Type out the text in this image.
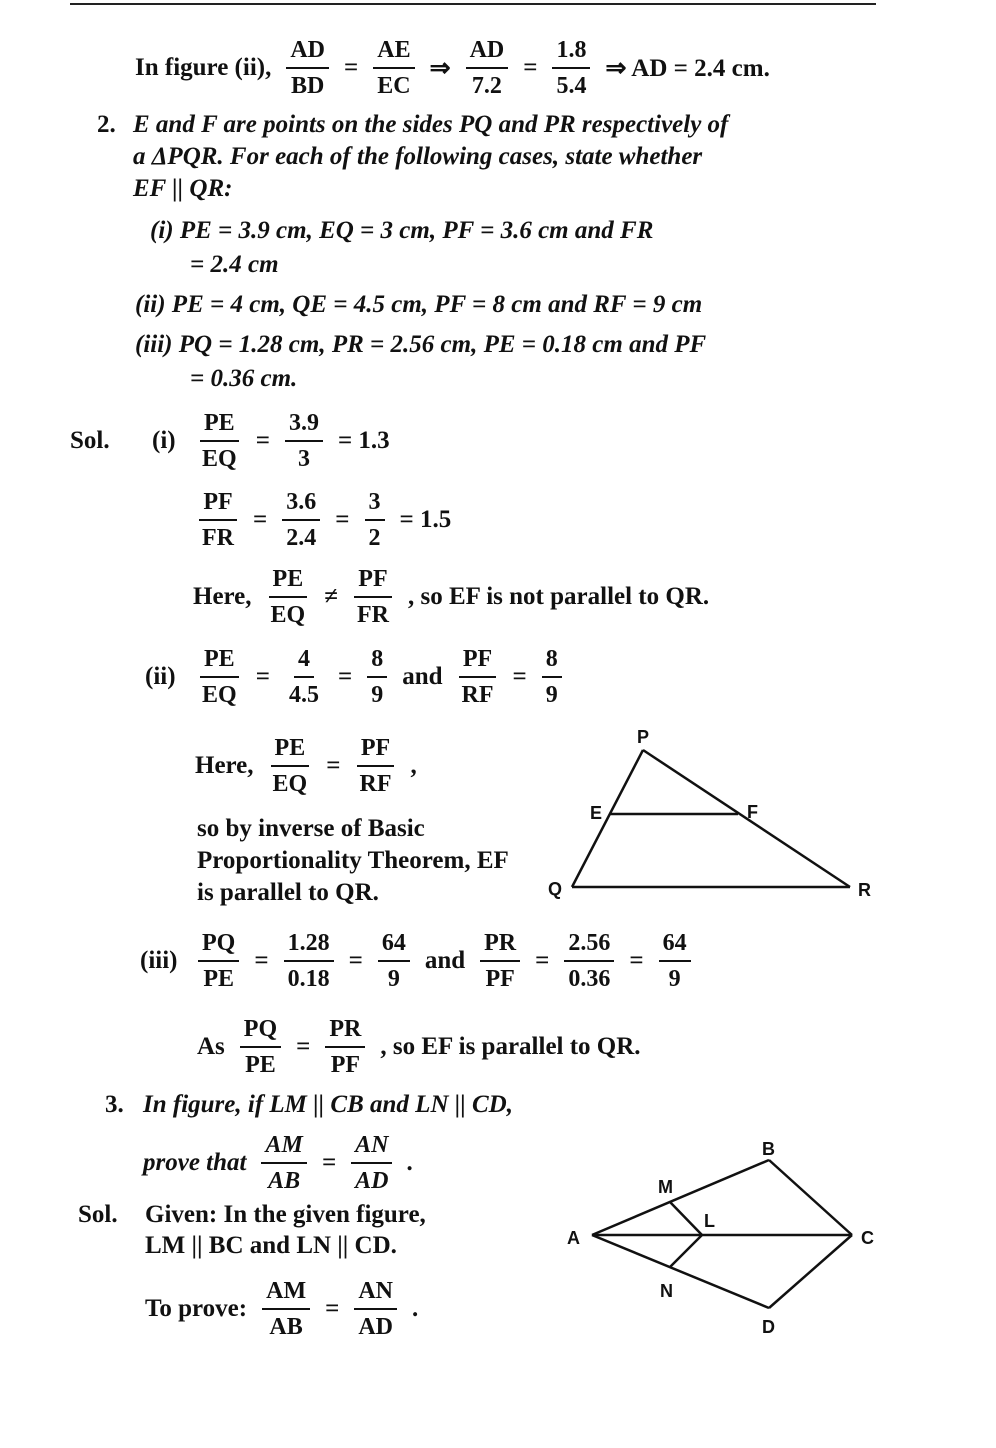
In figure (ii), $\frac{AD}{BD} = \frac{AE}{EC}$ ⇒ $\frac{AD}{7.2} = \frac{1.8}{5.4}$ ⇒ AD = 2.4 cm.
2. E and F are points on the sides PQ and PR respectively of
a ΔPQR. For each of the following cases, state whether
EF || QR:
(i) PE = 3.9 cm, EQ = 3 cm, PF = 3.6 cm and FR
= 2.4 cm
(ii) PE = 4 cm, QE = 4.5 cm, PF = 8 cm and RF = 9 cm
(iii) PQ = 1.28 cm, PR = 2.56 cm, PE = 0.18 cm and PF
= 0.36 cm.
Sol. $(i) \frac{PE}{EQ} = \frac{3.9}{3} = 1.3$
$\frac{PF}{FR} = \frac{3.6}{2.4} = \frac{3}{2} = 1.5$
Here, $\frac{PE}{EQ} \ne \frac{PF}{FR}$ , so EF is not parallel to QR.
$(ii) \frac{PE}{EQ} = \frac{4}{4.5} = \frac{8}{9}$ and $\frac{PF}{RF} = \frac{8}{9}$
Here, $\frac{PE}{EQ} = \frac{PF}{RF}$ ,
so by inverse of Basic
Proportionality Theorem, EF
is parallel to QR.
P
Q	R
E	F
A
B
C
D
L
M
N
$(iii) \frac{PQ}{PE} = \frac{1.28}{0.18} = \frac{64}{9}$ and $\frac{PR}{PF} = \frac{2.56}{0.36} = \frac{64}{9}$
As $\frac{PQ}{PE} = \frac{PR}{PF}$ , so EF is parallel to QR.
3. In figure, if LM || CB and LN || CD,
prove that $\frac{AM}{AB} = \frac{AN}{AD}$ .
Sol. Given: In the given figure,
LM || BC and LN || CD.
To prove: $\frac{AM}{AB} = \frac{AN}{AD}$ .
